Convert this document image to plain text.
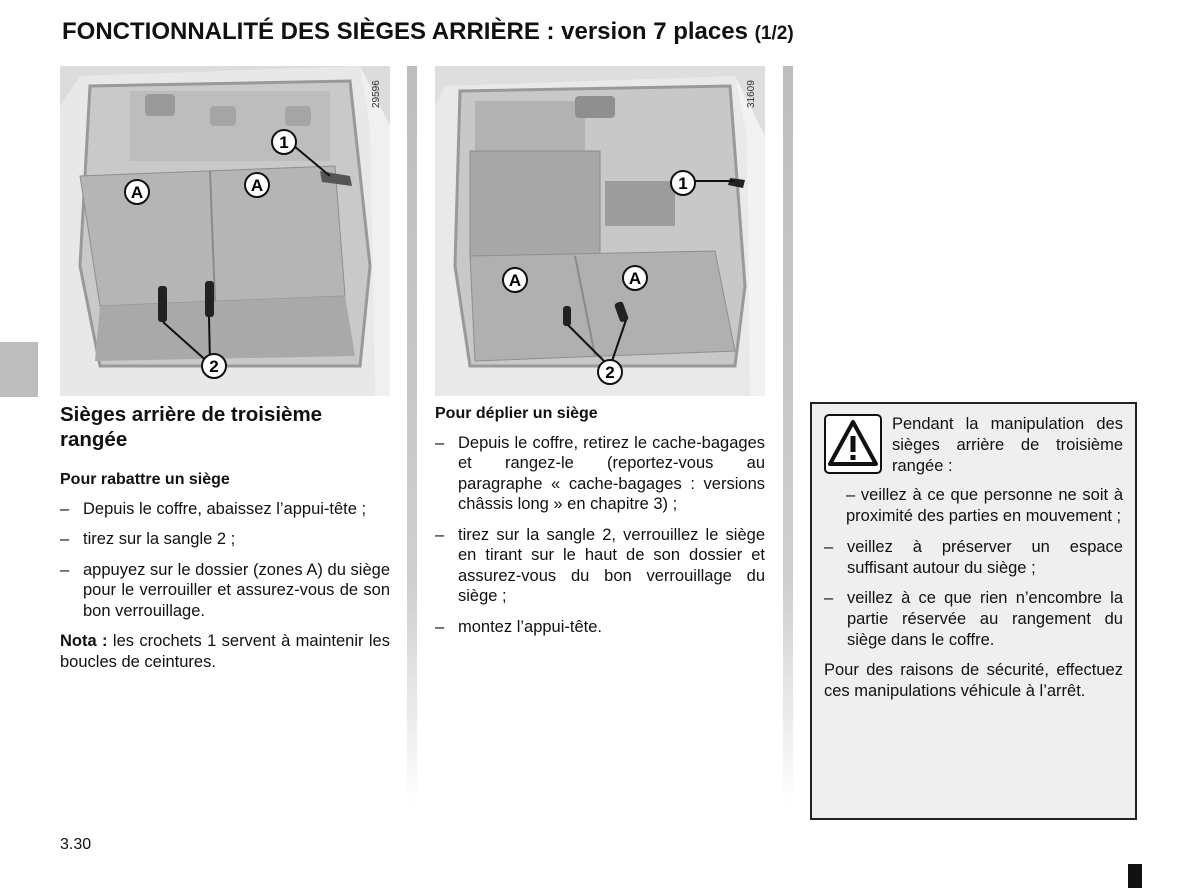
FONCTIONNALITÉ DES SIÈGES ARRIÈRE : version 7 places (1/2)
1
2
A	A
29596
1
2
A	A
31609
Sièges arrière de troisième rangée
Pour rabattre un siège
– Depuis le coffre, abaissez l’appui-tête ;
– tirez sur la sangle 2 ;
– appuyez sur le dossier (zones A) du siège pour le verrouiller et assurez-vous de son bon verrouillage.

Nota : les crochets 1 servent à maintenir les boucles de ceintures.

Pour déplier un siège
– Depuis le coffre, retirez le cache-bagages et rangez-le (reportez-vous au paragraphe « cache-bagages : versions châssis long » en chapitre 3) ;
– tirez sur la sangle 2, verrouillez le siège en tirant sur le haut de son dossier et assurez-vous du bon verrouillage du siège ;
– montez l’appui-tête.
Pendant la manipulation des sièges arrière de troisième rangée :
– veillez à ce que personne ne soit à proximité des parties en mouvement ;
– veillez à préserver un espace suffisant autour du siège ;
– veillez à ce que rien n’encombre la partie réservée au rangement du siège dans le coffre.

Pour des raisons de sécurité, effectuez ces manipulations véhicule à l’arrêt.

3.30
